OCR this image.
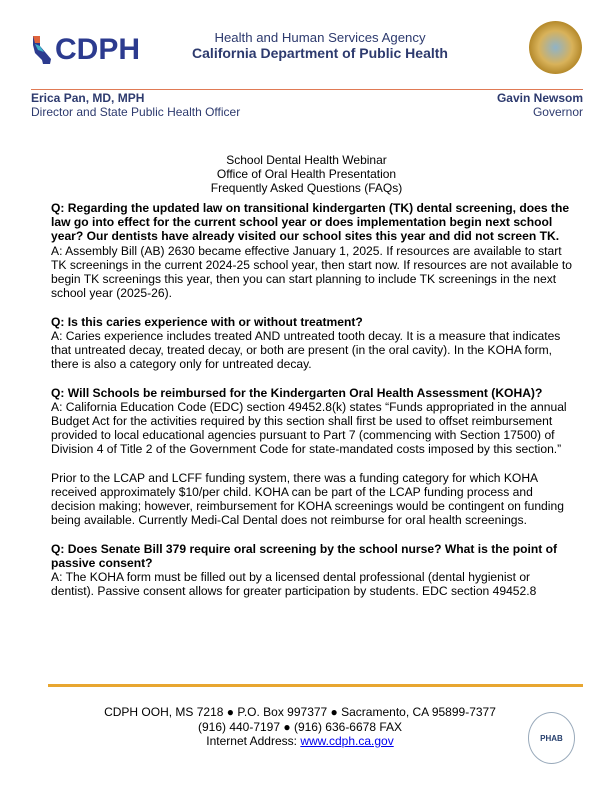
CDPH	Health and Human Services Agency
California Department of Public Health
Erica Pan, MD, MPH
Director and State Public Health Officer
Gavin Newsom
Governor
School Dental Health Webinar
Office of Oral Health Presentation
Frequently Asked Questions (FAQs)

Q: Regarding the updated law on transitional kindergarten (TK) dental screening, does the law go into effect for the current school year or does implementation begin next school year? Our dentists have already visited our school sites this year and did not screen TK.
A: Assembly Bill (AB) 2630 became effective January 1, 2025. If resources are available to start TK screenings in the current 2024-25 school year, then start now. If resources are not available to begin TK screenings this year, then you can start planning to include TK screenings in the next school year (2025-26).

Q: Is this caries experience with or without treatment?
A: Caries experience includes treated AND untreated tooth decay. It is a measure that indicates that untreated decay, treated decay, or both are present (in the oral cavity). In the KOHA form, there is also a category only for untreated decay.

Q: Will Schools be reimbursed for the Kindergarten Oral Health Assessment (KOHA)?
A: California Education Code (EDC) section 49452.8(k) states “Funds appropriated in the annual Budget Act for the activities required by this section shall first be used to offset reimbursement provided to local educational agencies pursuant to Part 7 (commencing with Section 17500) of Division 4 of Title 2 of the Government Code for state-mandated costs imposed by this section.”

Prior to the LCAP and LCFF funding system, there was a funding category for which KOHA received approximately $10/per child. KOHA can be part of the LCAP funding process and decision making; however, reimbursement for KOHA screenings would be contingent on funding being available. Currently Medi-Cal Dental does not reimburse for oral health screenings.

Q: Does Senate Bill 379 require oral screening by the school nurse? What is the point of passive consent?
A: The KOHA form must be filled out by a licensed dental professional (dental hygienist or dentist). Passive consent allows for greater participation by students. EDC section 49452.8

CDPH OOH, MS 7218 ● P.O. Box 997377 ● Sacramento, CA 95899-7377
(916) 440-7197 ● (916) 636-6678 FAX
Internet Address: www.cdph.ca.gov	PHAB
